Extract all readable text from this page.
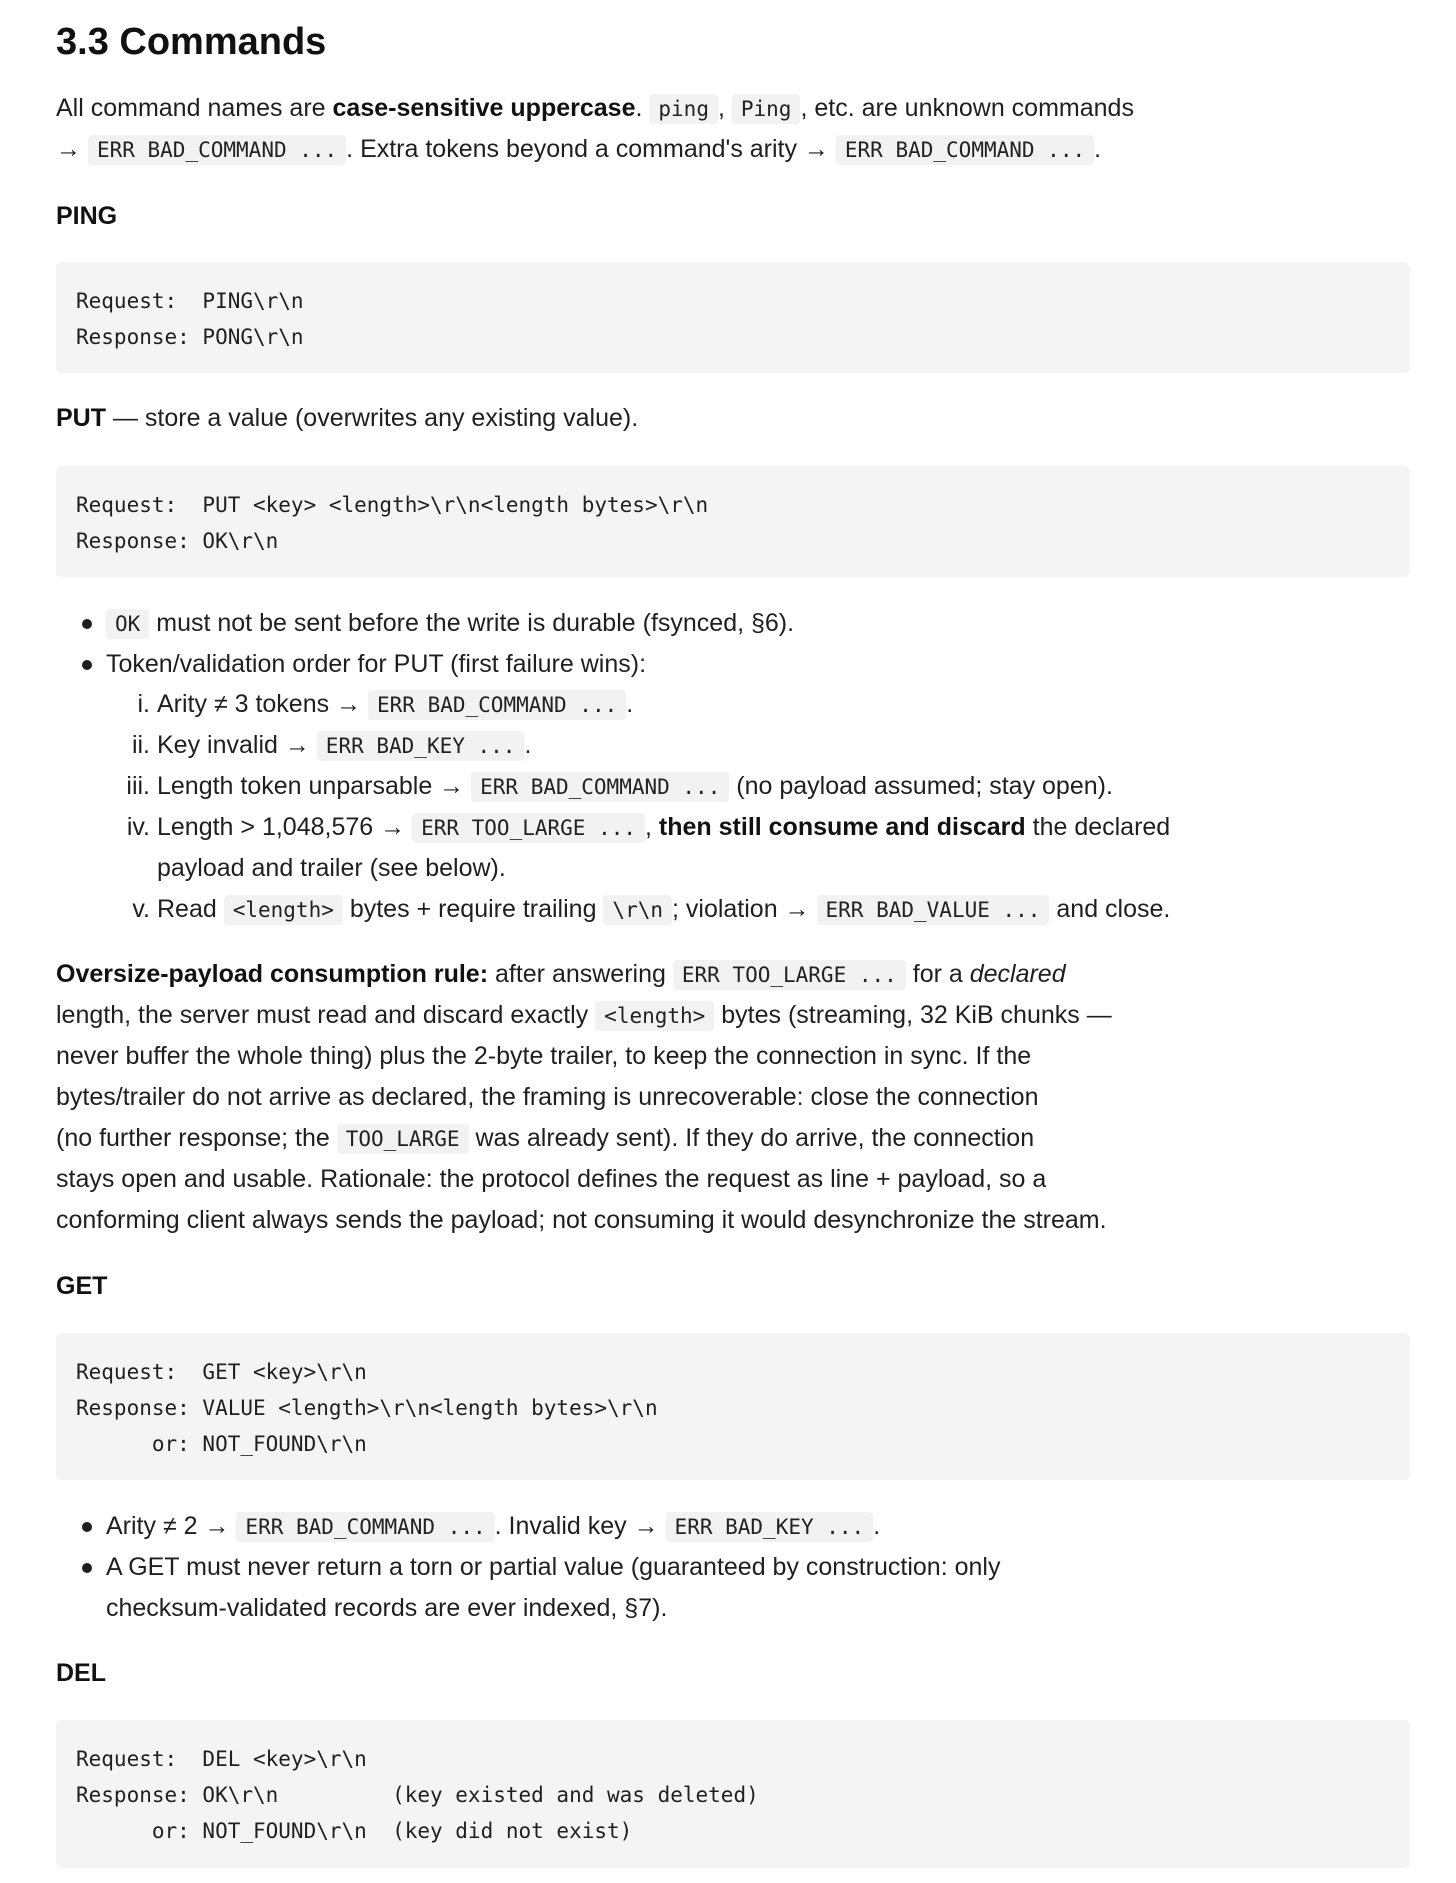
3.3 Commands
All command names are case-sensitive uppercase. ping , Ping , etc. are unknown commands
→ ERR BAD_COMMAND ... . Extra tokens beyond a command's arity → ERR BAD_COMMAND ... .
PING
Request:  PING\r\n
Response: PONG\r\n
PUT — store a value (overwrites any existing value).
Request:  PUT <key> <length>\r\n<length bytes>\r\n
Response: OK\r\n
OK must not be sent before the write is durable (fsynced, §6).
Token/validation order for PUT (first failure wins):
i. Arity ≠ 3 tokens → ERR BAD_COMMAND ... .
ii. Key invalid → ERR BAD_KEY ... .
iii. Length token unparsable → ERR BAD_COMMAND ... (no payload assumed; stay open).
iv. Length > 1,048,576 → ERR TOO_LARGE ... , then still consume and discard the declared
payload and trailer (see below).
v. Read <length> bytes + require trailing \r\n ; violation → ERR BAD_VALUE ... and close.
Oversize-payload consumption rule: after answering ERR TOO_LARGE ... for a declared
length, the server must read and discard exactly <length> bytes (streaming, 32 KiB chunks —
never buffer the whole thing) plus the 2-byte trailer, to keep the connection in sync. If the
bytes/trailer do not arrive as declared, the framing is unrecoverable: close the connection
(no further response; the TOO_LARGE was already sent). If they do arrive, the connection
stays open and usable. Rationale: the protocol defines the request as line + payload, so a
conforming client always sends the payload; not consuming it would desynchronize the stream.
GET
Request:  GET <key>\r\n
Response: VALUE <length>\r\n<length bytes>\r\n
or: NOT_FOUND\r\n
Arity ≠ 2 → ERR BAD_COMMAND ... . Invalid key → ERR BAD_KEY ... .
A GET must never return a torn or partial value (guaranteed by construction: only
checksum-validated records are ever indexed, §7).
DEL
Request:  DEL <key>\r\n
Response: OK\r\n         (key existed and was deleted)
or: NOT_FOUND\r\n  (key did not exist)
